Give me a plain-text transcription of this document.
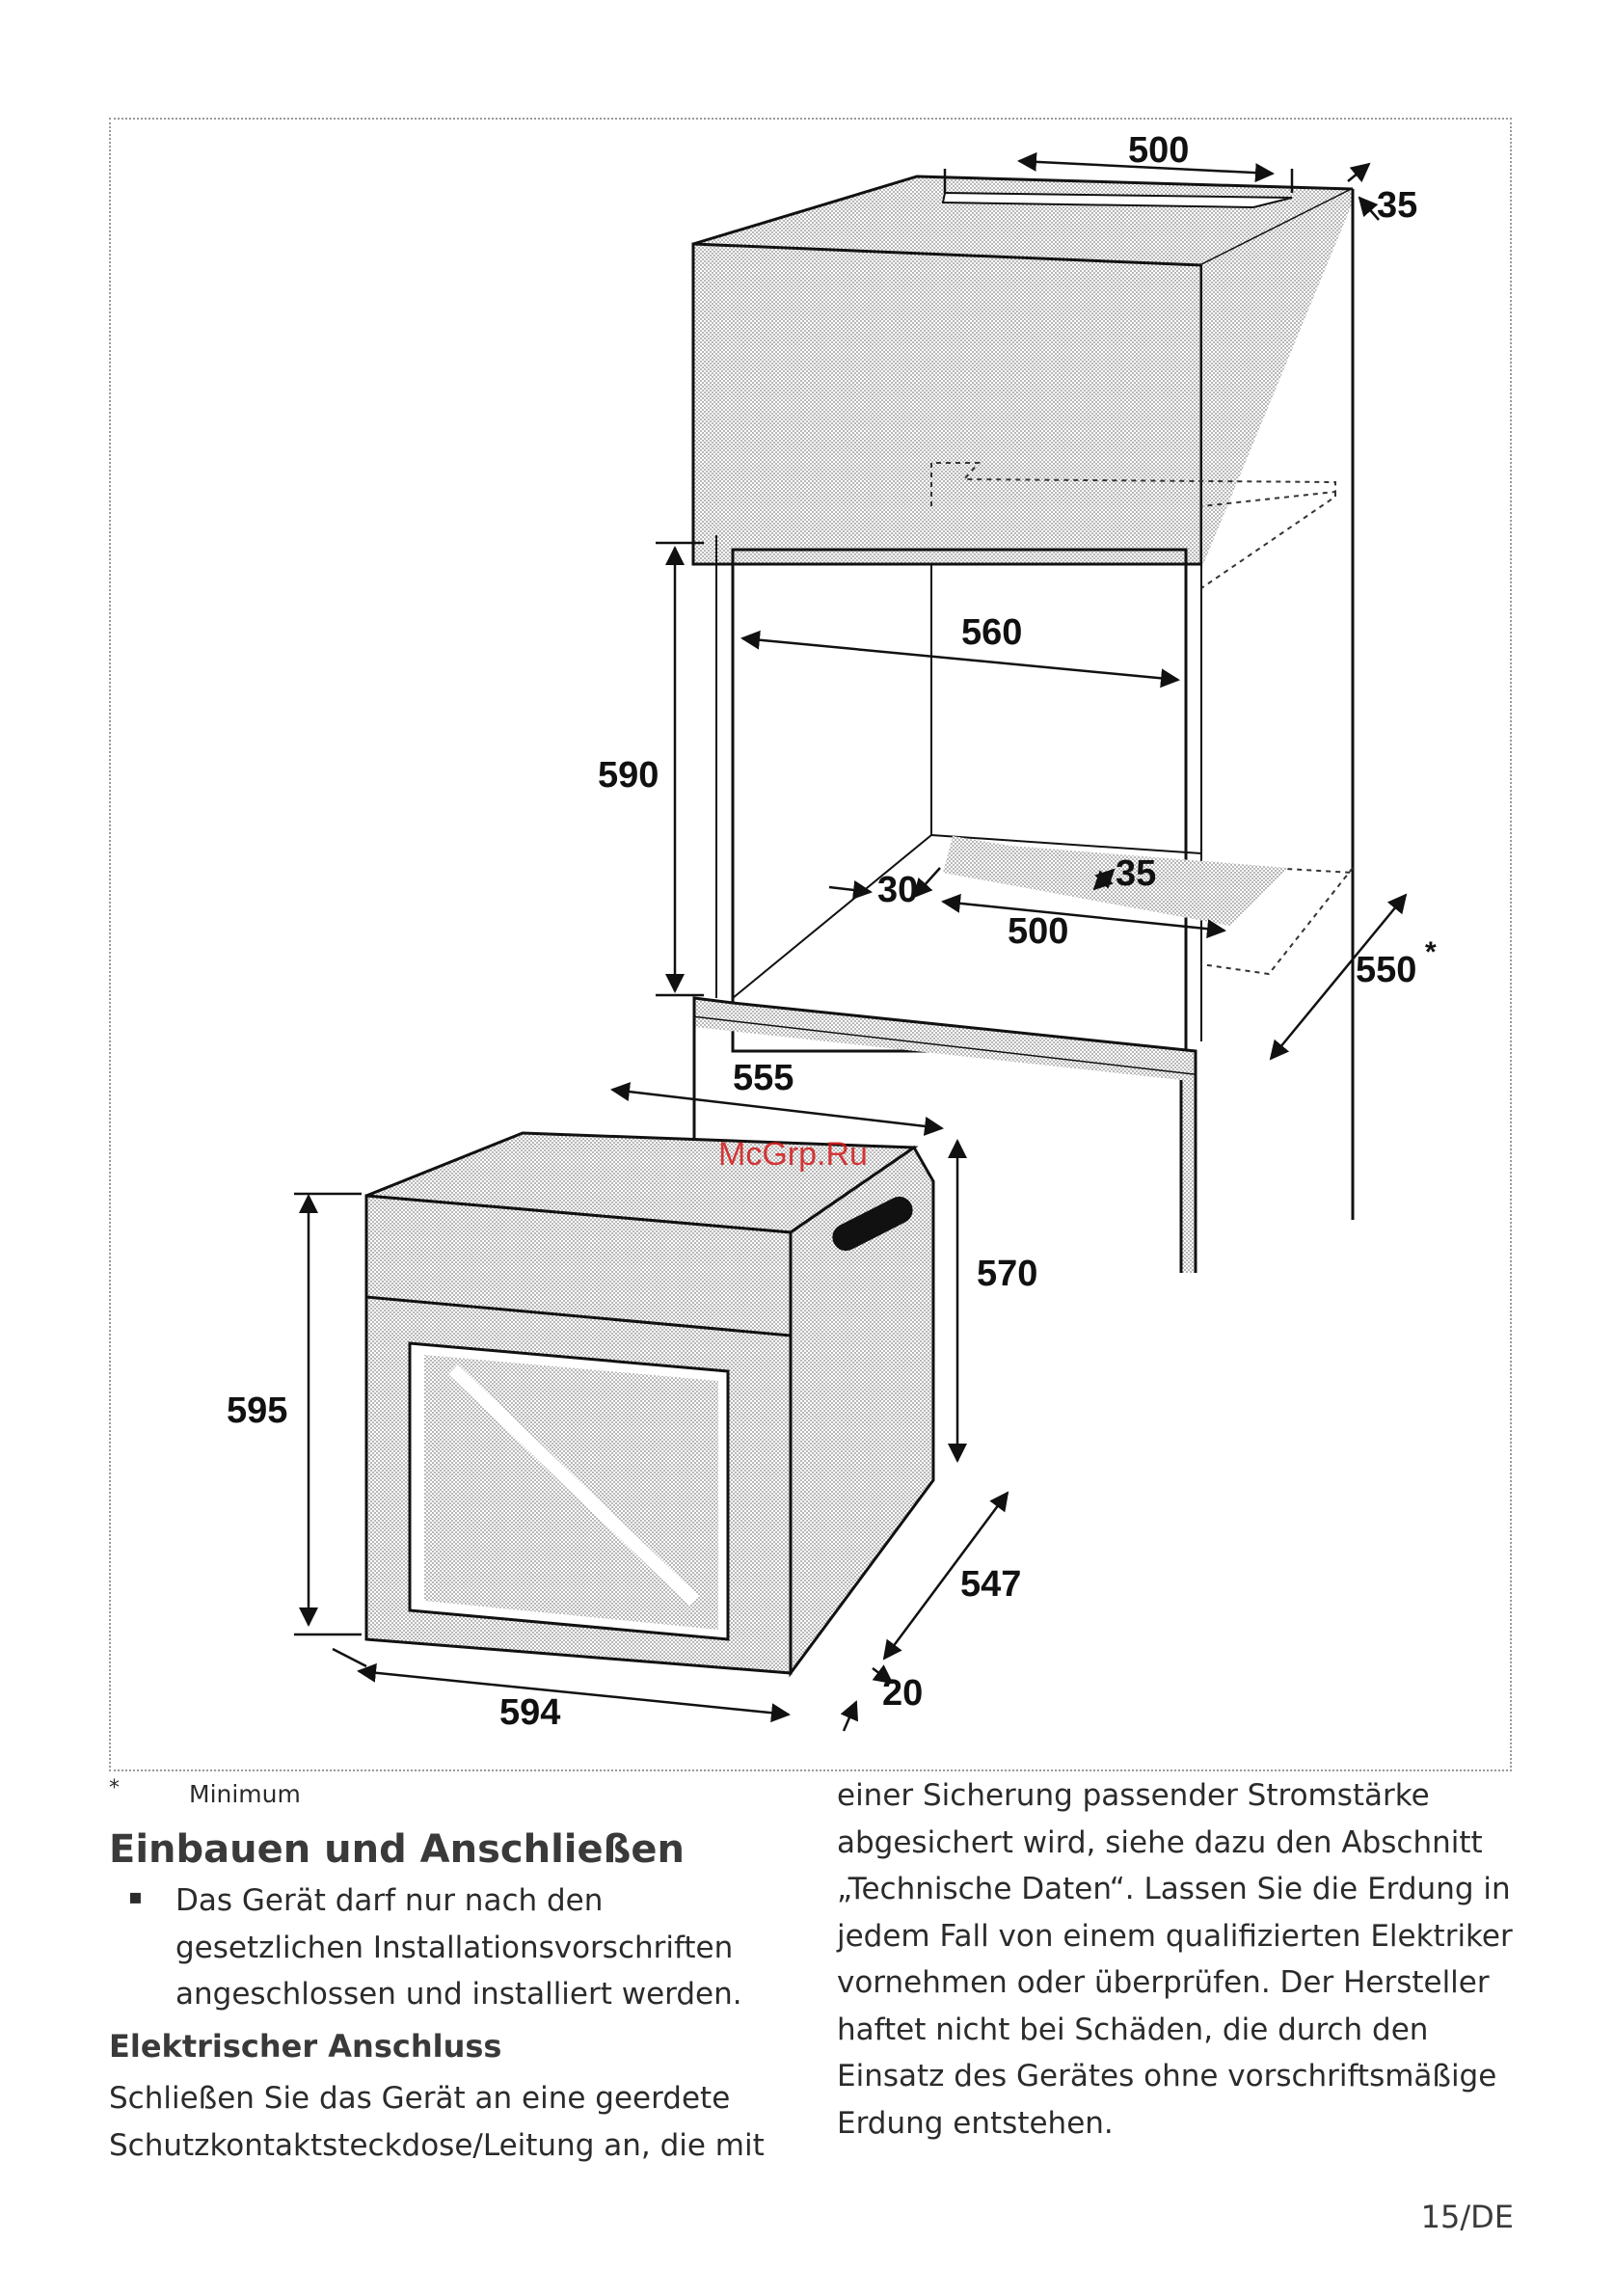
500
35
560
590
35
30
500
550 *
555
570
595
547
594	20
McGrp.Ru
*	Minimum
Einbauen und Anschließen
▪ Das Gerät darf nur nach den
gesetzlichen Installationsvorschriften
angeschlossen und installiert werden.
Elektrischer Anschluss
Schließen Sie das Gerät an eine geerdete
Schutzkontaktsteckdose/Leitung an, die mit
einer Sicherung passender Stromstärke
abgesichert wird, siehe dazu den Abschnitt
„Technische Daten“. Lassen Sie die Erdung in
jedem Fall von einem qualifizierten Elektriker
vornehmen oder überprüfen. Der Hersteller
haftet nicht bei Schäden, die durch den
Einsatz des Gerätes ohne vorschriftsmäßige
Erdung entstehen.
15/DE
